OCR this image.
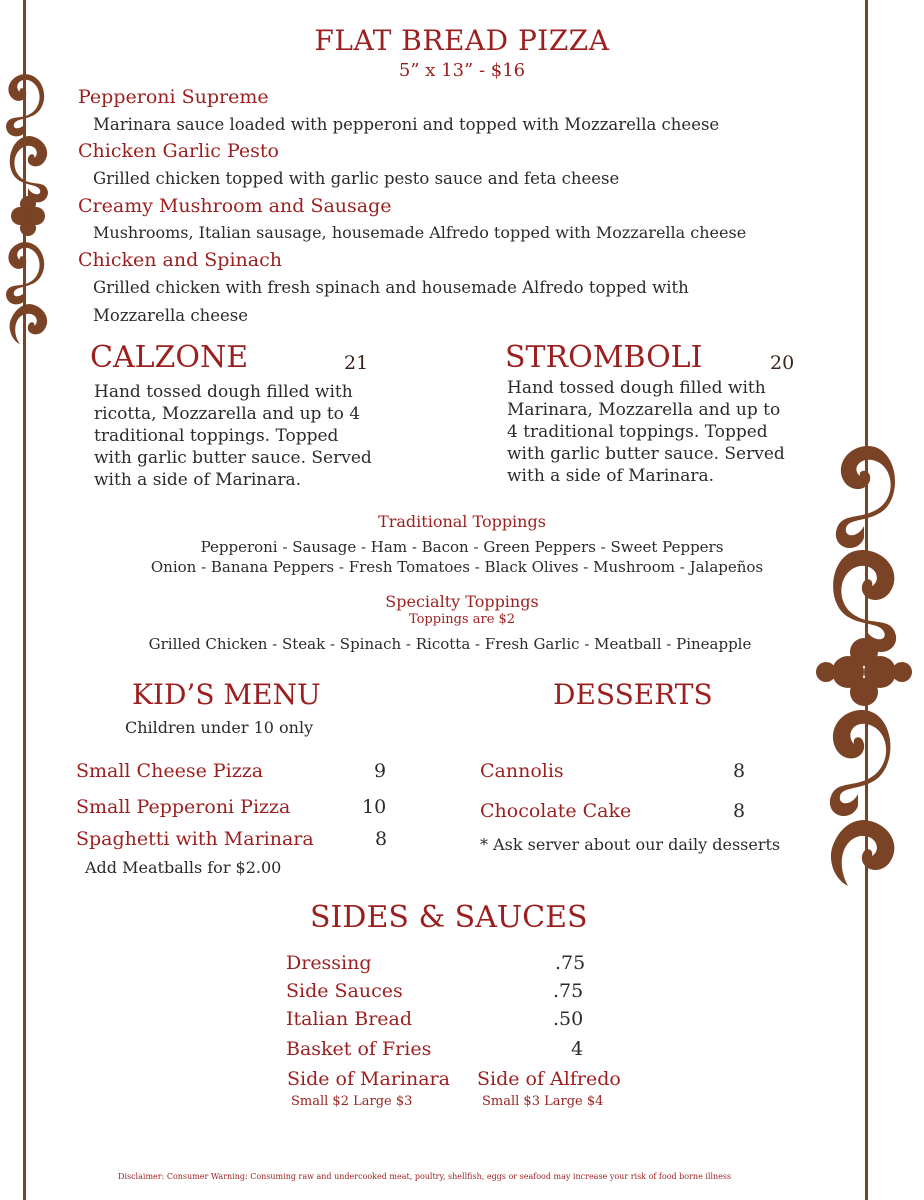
FLAT BREAD PIZZA
5” x 13” - $16
Pepperoni Supreme
Marinara sauce loaded with pepperoni and topped with Mozzarella cheese
Chicken Garlic Pesto
Grilled chicken topped with garlic pesto sauce and feta cheese
Creamy Mushroom and Sausage
Mushrooms, Italian sausage, housemade Alfredo topped with Mozzarella cheese
Chicken and Spinach
Grilled chicken with fresh spinach and housemade Alfredo topped with
Mozzarella cheese
CALZONE	21
Hand tossed dough filled with
ricotta, Mozzarella and up to 4
traditional toppings. Topped
with garlic butter sauce. Served
with a side of Marinara.
STROMBOLI	20
Hand tossed dough filled with
Marinara, Mozzarella and up to
4 traditional toppings. Topped
with garlic butter sauce. Served
with a side of Marinara.
Traditional Toppings
Pepperoni - Sausage - Ham - Bacon - Green Peppers - Sweet Peppers
Onion - Banana Peppers - Fresh Tomatoes - Black Olives - Mushroom - Jalapeños
Specialty Toppings
Toppings are $2
Grilled Chicken - Steak - Spinach - Ricotta - Fresh Garlic - Meatball - Pineapple
KID’S MENU
Children under 10 only
Small Cheese Pizza	9
Small Pepperoni Pizza	10
Spaghetti with Marinara	8
Add Meatballs for $2.00
DESSERTS
Cannolis	8
Chocolate Cake	8
* Ask server about our daily desserts
SIDES & SAUCES
Dressing	.75
Side Sauces	.75
Italian Bread	.50
Basket of Fries	4
Side of Marinara Side of Alfredo
Small $2 Large $3	Small $3 Large $4
Disclaimer: Consumer Warning: Consuming raw and undercooked meat, poultry, shellfish, eggs or seafood may increase your risk of food borne illness
